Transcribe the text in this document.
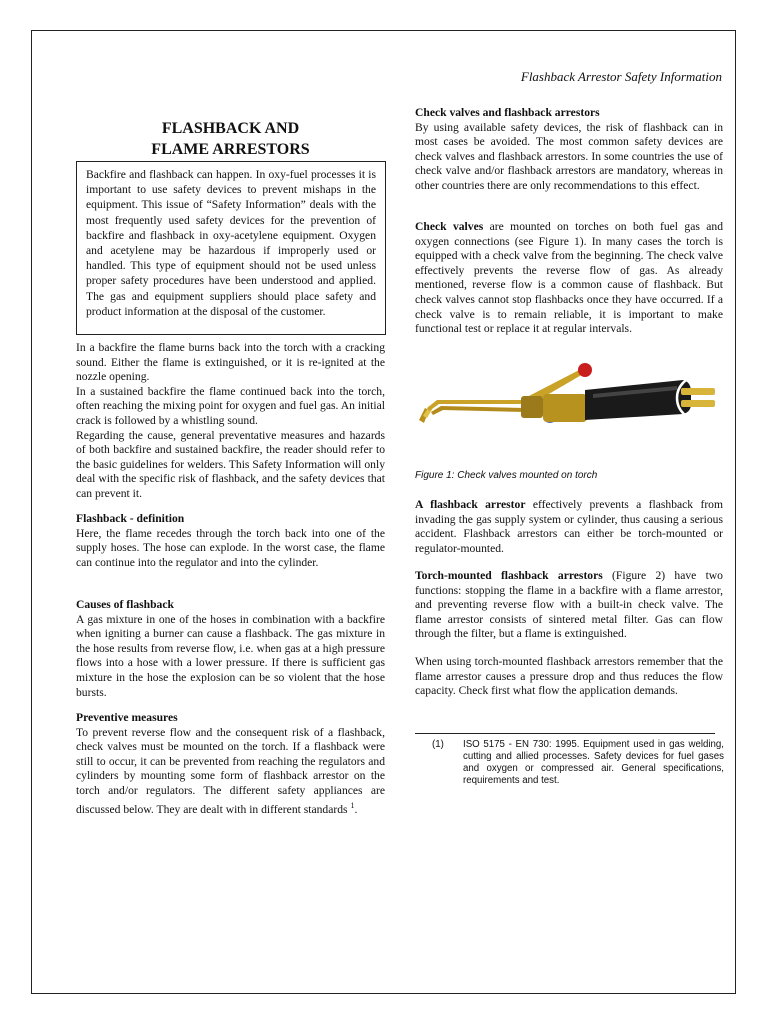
Flashback Arrestor Safety Information
FLASHBACK AND
FLAME ARRESTORS
Backfire and flashback can happen. In oxy-fuel processes it is important to use safety devices to prevent mishaps in the equipment. This issue of “Safety Information” deals with the most frequently used safety devices for the prevention of backfire and flashback in oxy-acetylene equipment. Oxygen and acetylene may be hazardous if improperly used or handled. This type of equipment should not be used unless proper safety procedures have been understood and applied. The gas and equipment suppliers should place safety and product information at the disposal of the customer.

In a backfire the flame burns back into the torch with a cracking sound. Either the flame is extinguished, or it is re-ignited at the nozzle opening.

In a sustained backfire the flame continued back into the torch, often reaching the mixing point for oxygen and fuel gas. An initial crack is followed by a whistling sound.

Regarding the cause, general preventative measures and hazards of both backfire and sustained backfire, the reader should refer to the basic guidelines for welders. This Safety Information will only deal with the specific risk of flashback, and the safety devices that can prevent it.

Flashback - definition

Here, the flame recedes through the torch back into one of the supply hoses. The hose can explode. In the worst case, the flame can continue into the regulator and into the cylinder.

Causes of flashback

A gas mixture in one of the hoses in combination with a backfire when igniting a burner can cause a flashback. The gas mixture in the hose results from reverse flow, i.e. when gas at a high pressure flows into a hose with a lower pressure. If there is sufficient gas mixture in the hose the explosion can be so violent that the hose bursts.

Preventive measures

To prevent reverse flow and the consequent risk of a flashback, check valves must be mounted on the torch. If a flashback were still to occur, it can be prevented from reaching the regulators and cylinders by mounting some form of flashback arrestor on the torch and/or regulators. The different safety appliances are discussed below. They are dealt with in different standards $^1$.

Check valves and flashback arrestors

By using available safety devices, the risk of flashback can in most cases be avoided. The most common safety devices are check valves and flashback arrestors. In some countries the use of check valve and/or flashback arrestors are mandatory, whereas in other countries there are only recommendations to this effect.

Check valves are mounted on torches on both fuel gas and oxygen connections (see Figure 1). In many cases the torch is equipped with a check valve from the beginning. The check valve effectively prevents the reverse flow of gas. As already mentioned, reverse flow is a common cause of flashback. But check valves cannot stop flashbacks once they have occurred. If a check valve is to remain reliable, it is important to make functional test or replace it at regular intervals.

Figure 1: Check valves mounted on torch

A flashback arrestor effectively prevents a flashback from invading the gas supply system or cylinder, thus causing a serious accident. Flashback arrestors can either be torch-mounted or regulator-mounted.

Torch-mounted flashback arrestors (Figure 2) have two functions: stopping the flame in a backfire with a flame arrestor, and preventing reverse flow with a built-in check valve. The flame arrestor consists of sintered metal filter. Gas can flow through the filter, but a flame is extinguished.

When using torch-mounted flashback arrestors remember that the flame arrestor causes a pressure drop and thus reduces the flow capacity. Check first what flow the application demands.

(1) ISO 5175 - EN 730: 1995. Equipment used in gas welding, cutting and allied processes. Safety devices for fuel gases and oxygen or compressed air. General specifications, requirements and test.
